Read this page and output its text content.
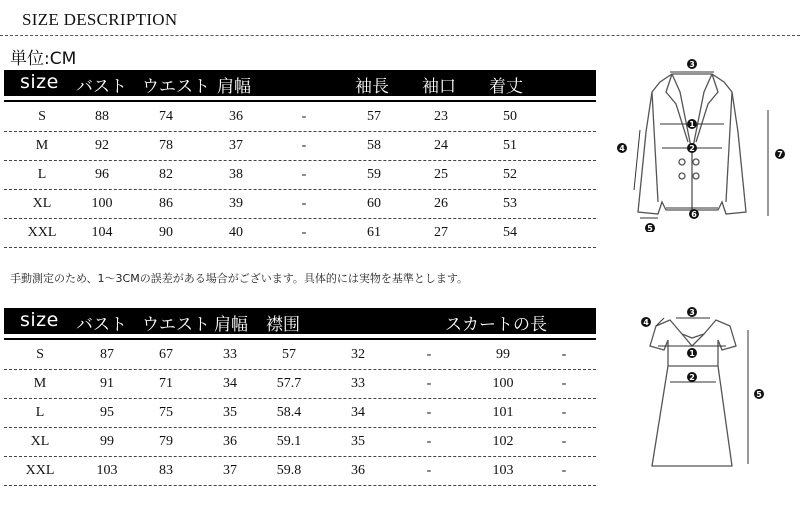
SIZE DESCRIPTION
単位:CM
size バスト ウエスト 肩幅	袖長 袖口 着丈
S	88	74	36	-	57	23	50
M	92	78	37	-	58	24	51
L	96	82	38	-	59	25	52
XL	100	86	39	-	60	26	53
XXL	104	90	40	-	61	27	54
手動測定のため、1～3CMの誤差がある場合がございます。具体的には実物を基準とします。
size バスト ウエスト 肩幅 襟围	スカートの長
S	87	67	33	57	32	-	99	-
M	91	71	34	57.7	33	-	100	-
L	95	75	35	58.4	34	-	101	-
XL	99	79	36	59.1	35	-	102	-
XXL	103	83	37	59.8	36	-	103	-
1
2
3
4
5
6
7
1
2
3
4
5
